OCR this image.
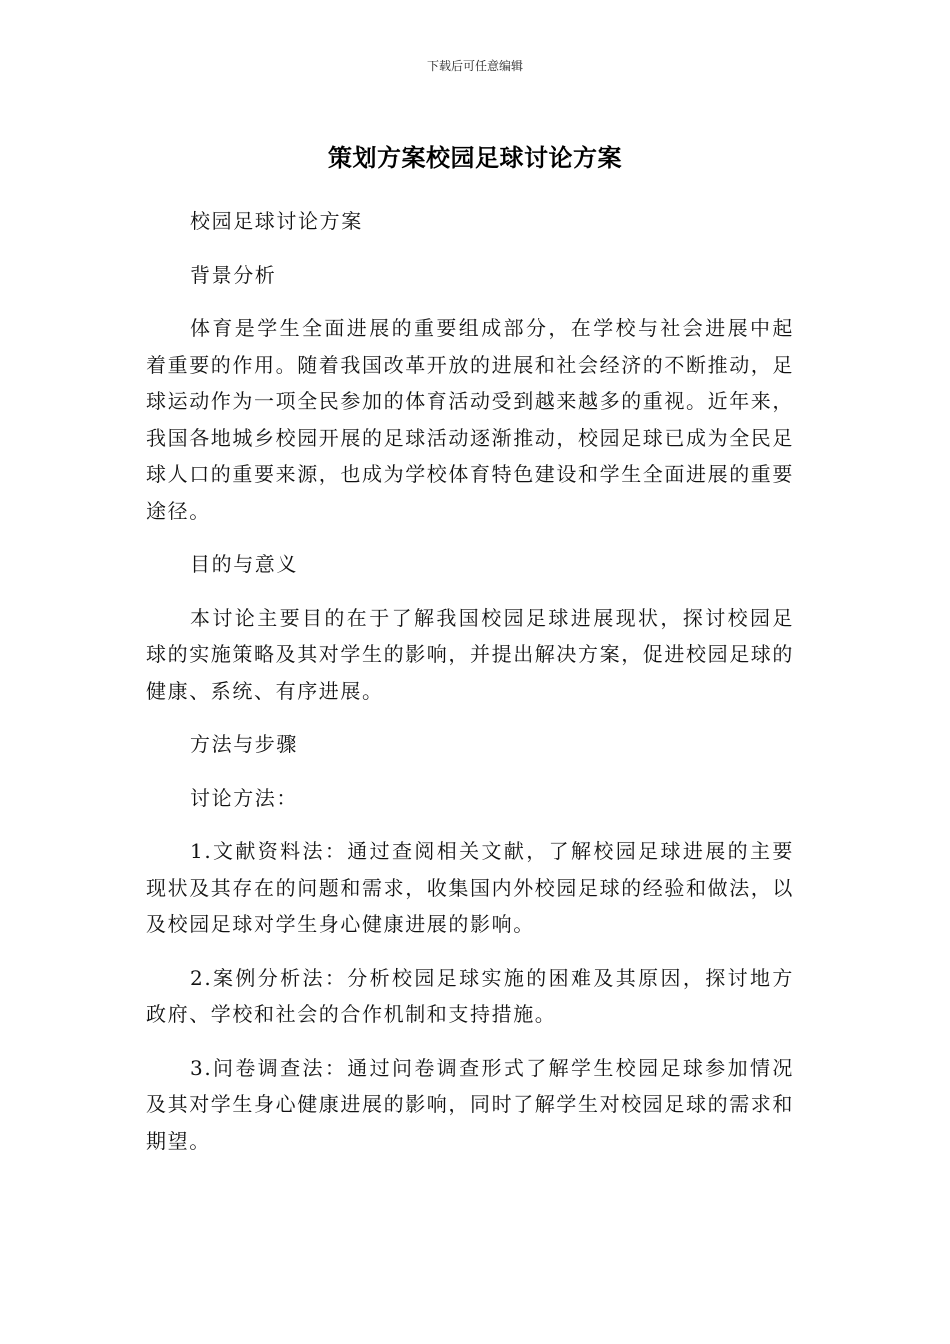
下载后可任意编辑
策划方案校园足球讨论方案

校园足球讨论方案

背景分析

体育是学生全面进展的重要组成部分，在学校与社会进展中起着重要的作用。随着我国改革开放的进展和社会经济的不断推动，足球运动作为一项全民参加的体育活动受到越来越多的重视。近年来，我国各地城乡校园开展的足球活动逐渐推动，校园足球已成为全民足球人口的重要来源，也成为学校体育特色建设和学生全面进展的重要途径。

目的与意义

本讨论主要目的在于了解我国校园足球进展现状，探讨校园足球的实施策略及其对学生的影响，并提出解决方案，促进校园足球的健康、系统、有序进展。

方法与步骤

讨论方法：

1.文献资料法：通过查阅相关文献，了解校园足球进展的主要现状及其存在的问题和需求，收集国内外校园足球的经验和做法，以及校园足球对学生身心健康进展的影响。

2.案例分析法：分析校园足球实施的困难及其原因，探讨地方政府、学校和社会的合作机制和支持措施。

3.问卷调查法：通过问卷调查形式了解学生校园足球参加情况及其对学生身心健康进展的影响，同时了解学生对校园足球的需求和期望。
